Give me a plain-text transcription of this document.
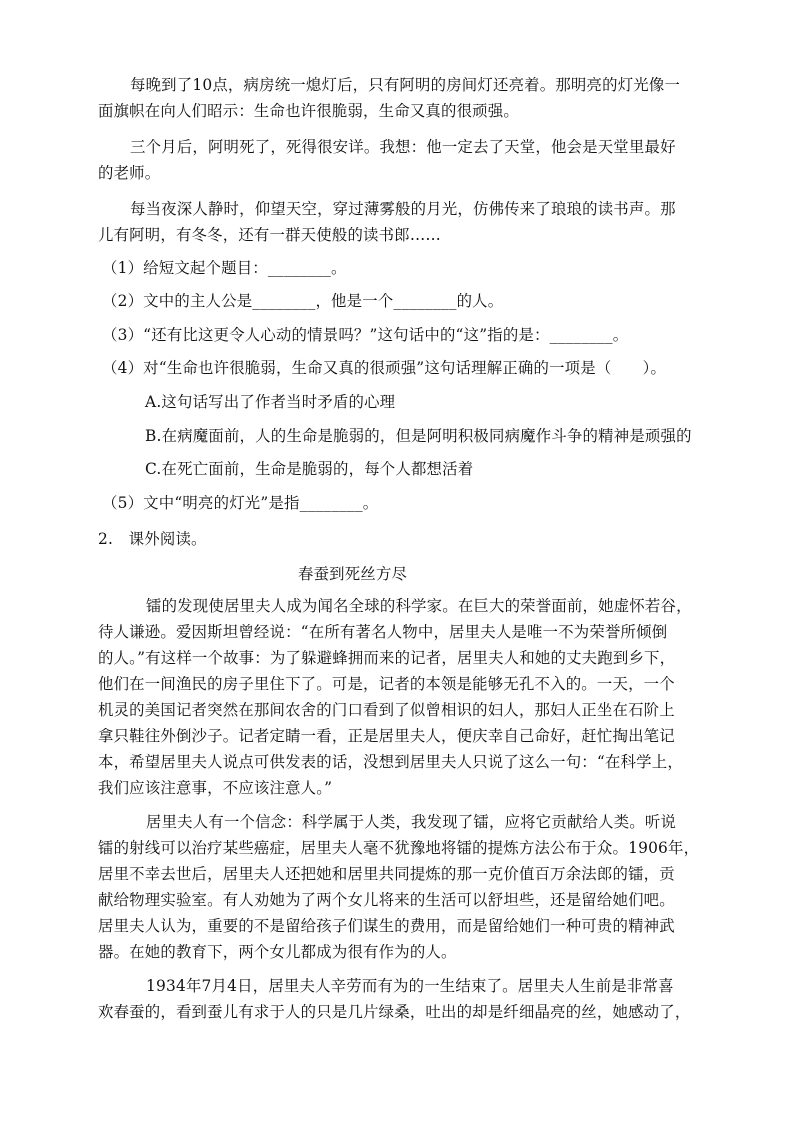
每晚到了10点，病房统一熄灯后，只有阿明的房间灯还亮着。那明亮的灯光像一
面旗帜在向人们昭示：生命也许很脆弱，生命又真的很顽强。
三个月后，阿明死了，死得很安详。我想：他一定去了天堂，他会是天堂里最好
的老师。
每当夜深人静时，仰望天空，穿过薄雾般的月光，仿佛传来了琅琅的读书声。那
儿有阿明，有冬冬，还有一群天使般的读书郎……
（1）给短文起个题目：________。
（2）文中的主人公是________，他是一个________的人。
（3）“还有比这更令人心动的情景吗？”这句话中的“这”指的是：________。
（4）对“生命也许很脆弱，生命又真的很顽强”这句话理解正确的一项是（　　）。
A.这句话写出了作者当时矛盾的心理
B.在病魔面前，人的生命是脆弱的，但是阿明积极同病魔作斗争的精神是顽强的
C.在死亡面前，生命是脆弱的，每个人都想活着
（5）文中“明亮的灯光”是指________。
2.　课外阅读。
春蚕到死丝方尽
镭的发现使居里夫人成为闻名全球的科学家。在巨大的荣誉面前，她虚怀若谷，
待人谦逊。爱因斯坦曾经说：“在所有著名人物中，居里夫人是唯一不为荣誉所倾倒
的人。”有这样一个故事：为了躲避蜂拥而来的记者，居里夫人和她的丈夫跑到乡下，
他们在一间渔民的房子里住下了。可是，记者的本领是能够无孔不入的。一天，一个
机灵的美国记者突然在那间农舍的门口看到了似曾相识的妇人，那妇人正坐在石阶上
拿只鞋往外倒沙子。记者定睛一看，正是居里夫人，便庆幸自己命好，赶忙掏出笔记
本，希望居里夫人说点可供发表的话，没想到居里夫人只说了这么一句：“在科学上，
我们应该注意事，不应该注意人。”
居里夫人有一个信念：科学属于人类，我发现了镭，应将它贡献给人类。听说
镭的射线可以治疗某些癌症，居里夫人毫不犹豫地将镭的提炼方法公布于众。1906年，
居里不幸去世后，居里夫人还把她和居里共同提炼的那一克价值百万余法郎的镭，贡
献给物理实验室。有人劝她为了两个女儿将来的生活可以舒坦些，还是留给她们吧。
居里夫人认为，重要的不是留给孩子们谋生的费用，而是留给她们一种可贵的精神武
器。在她的教育下，两个女儿都成为很有作为的人。
1934年7月4日，居里夫人辛劳而有为的一生结束了。居里夫人生前是非常喜
欢春蚕的，看到蚕儿有求于人的只是几片绿桑，吐出的却是纤细晶亮的丝，她感动了，
